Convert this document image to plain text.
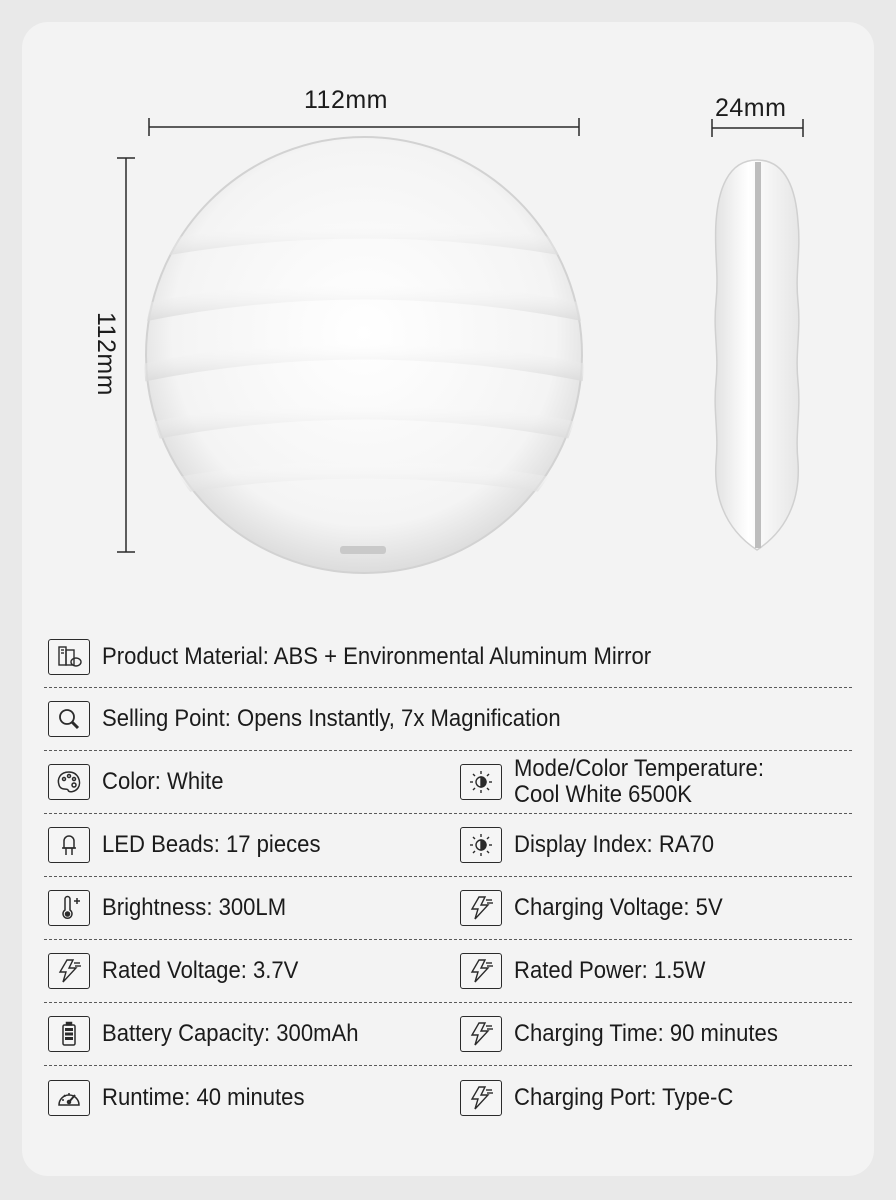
112mm	24mm
112mm
Product Material: ABS + Environmental Aluminum Mirror
Selling Point: Opens Instantly, 7x Magnification
Color: White	Mode/Color Temperature:
Cool White 6500K
LED Beads: 17 pieces	Display Index: RA70
Brightness: 300LM	Charging Voltage: 5V
Rated Voltage: 3.7V	Rated Power: 1.5W
Battery Capacity: 300mAh	Charging Time: 90 minutes
Runtime: 40 minutes	Charging Port: Type-C
